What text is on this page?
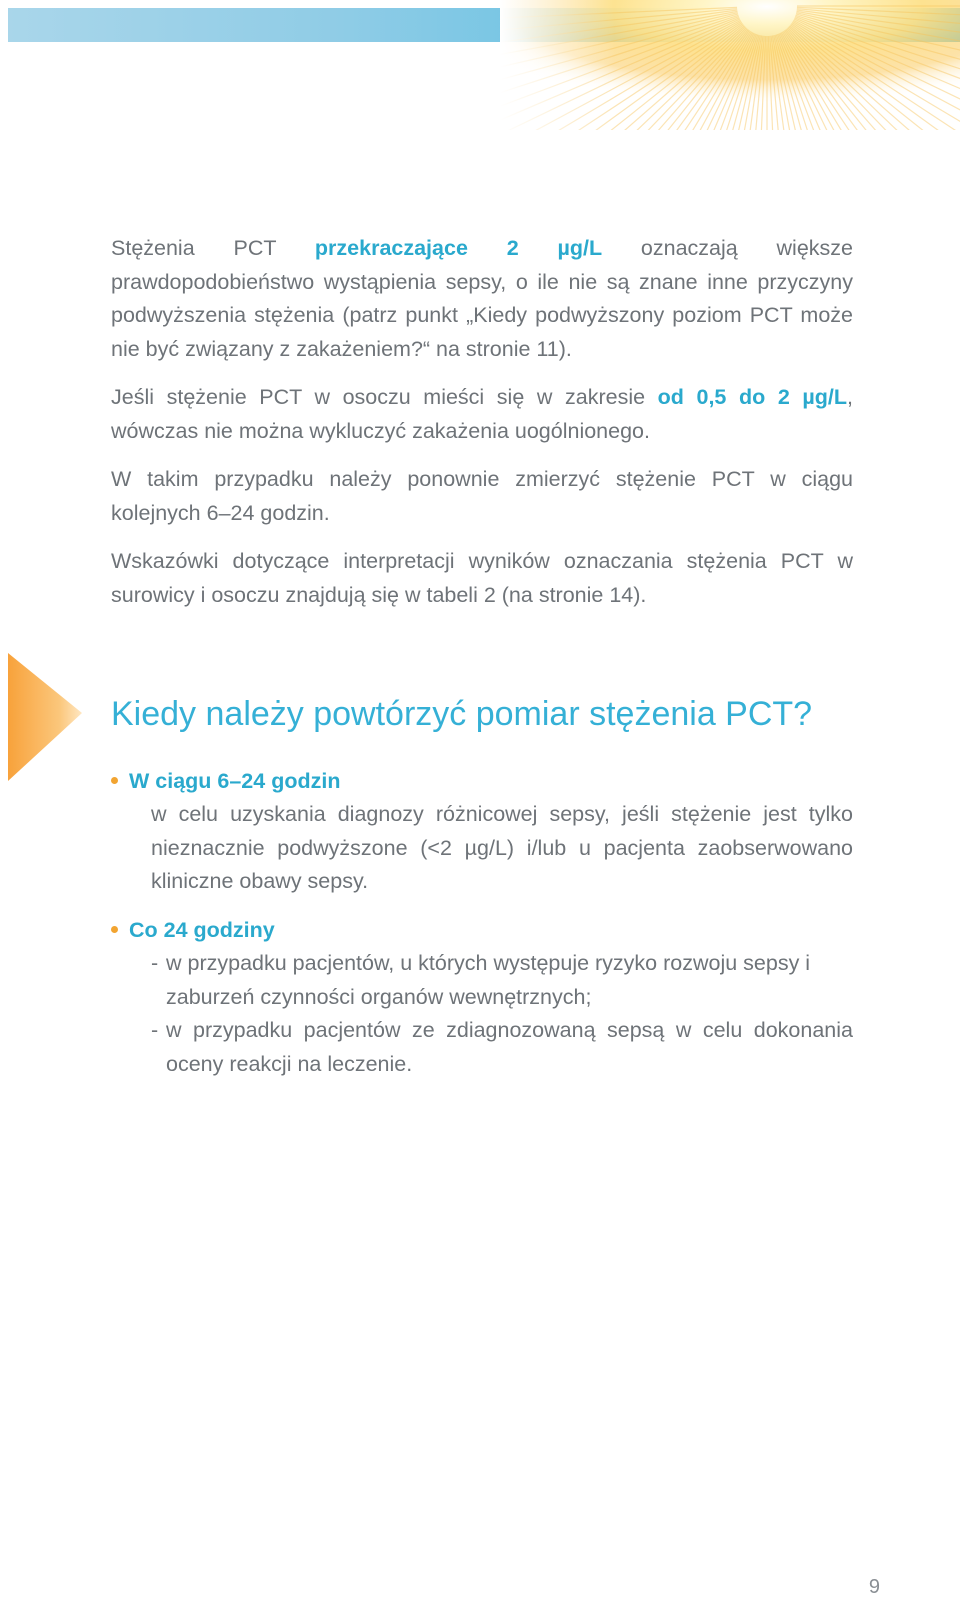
Stężenia PCT przekraczające 2 µg/L oznaczają większe prawdopodobieństwo wystąpienia sepsy, o ile nie są znane inne przyczyny podwyższenia stężenia (patrz punkt „Kiedy podwyższony poziom PCT może nie być związany z zakażeniem?“ na stronie 11).

Jeśli stężenie PCT w osoczu mieści się w zakresie od 0,5 do 2 µg/L, wówczas nie można wykluczyć zakażenia uogólnionego.

W takim przypadku należy ponownie zmierzyć stężenie PCT w ciągu kolejnych 6–24 godzin.

Wskazówki dotyczące interpretacji wyników oznaczania stężenia PCT w surowicy i osoczu znajdują się w tabeli 2 (na stronie 14).

Kiedy należy powtórzyć pomiar stężenia PCT?

W ciągu 6–24 godzin

w celu uzyskania diagnozy różnicowej sepsy, jeśli stężenie jest tylko nieznacznie podwyższone (<2 µg/L) i/lub u pacjenta zaobserwowano kliniczne obawy sepsy.

Co 24 godziny

- w przypadku pacjentów, u których występuje ryzyko rozwoju sepsy i zaburzeń czynności organów wewnętrznych;

- w przypadku pacjentów ze zdiagnozowaną sepsą w celu dokonania oceny reakcji na leczenie.

9
